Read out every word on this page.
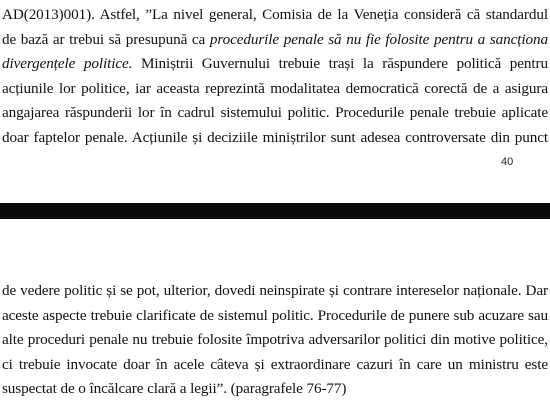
AD(2013)001). Astfel, ”La nivel general, Comisia de la Veneția consideră că standardul
de bază ar trebui să presupună ca procedurile penale să nu fie folosite pentru a sancționa
divergențele politice. Miniștrii Guvernului trebuie trași la răspundere politică pentru
acțiunile lor politice, iar aceasta reprezintă modalitatea democratică corectă de a asigura
angajarea răspunderii lor în cadrul sistemului politic. Procedurile penale trebuie aplicate
doar faptelor penale. Acțiunile și deciziile miniștrilor sunt adesea controversate din punct

40

de vedere politic și se pot, ulterior, dovedi neinspirate și contrare intereselor naționale. Dar
aceste aspecte trebuie clarificate de sistemul politic. Procedurile de punere sub acuzare sau
alte proceduri penale nu trebuie folosite împotriva adversarilor politici din motive politice,
ci trebuie invocate doar în acele câteva și extraordinare cazuri în care un ministru este
suspectat de o încălcare clară a legii”. (paragrafele 76-77)
